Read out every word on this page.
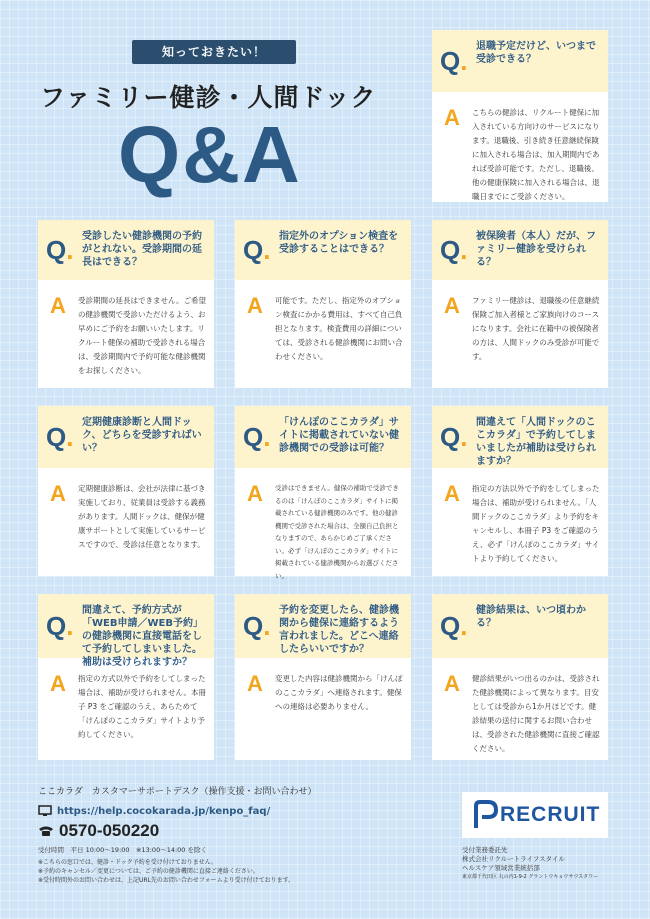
知っておきたい！
ファミリー健診・人間ドック
Q&A
Q .	退職予定だけど、いつまで受診できる？
A こちらの健診は、リクルート健保に加入されている方向けのサービスになります。退職後、引き続き任意継続保険に加入される場合は、加入期間内であれば受診可能です。ただし、退職後、他の健康保険に加入される場合は、退職日までにご受診ください。
Q .	受診したい健診機関の予約がとれない。受診期間の延長はできる？
A 受診期間の延長はできません。ご希望の健診機関で受診いただけるよう、お早めにご予約をお願いいたします。リクルート健保の補助で受診される場合は、受診期間内で予約可能な健診機関をお探しください。
Q .	指定外のオプション検査を受診することはできる？
A 可能です。ただし、指定外のオプション検査にかかる費用は、すべて自己負担となります。検査費用の詳細については、受診される健診機関にお問い合わせください。
Q .	被保険者（本人）だが、ファミリー健診を受けられる？
A ファミリー健診は、退職後の任意継続保険ご加入者様とご家族向けのコースになります。会社に在籍中の被保険者の方は、人間ドックのみ受診が可能です。
Q .	定期健康診断と人間ドック、どちらを受診すればいい？
A 定期健康診断は、会社が法律に基づき実施しており、従業員は受診する義務があります。人間ドックは、健保が健康サポートとして実施しているサービスですので、受診は任意となります。
Q .	「けんぽのここカラダ」サイトに掲載されていない健診機関での受診は可能？
A 受診はできません。健保の補助で受診できるのは「けんぽのここカラダ」サイトに掲載されている健診機関のみです。他の健診機関で受診された場合は、全額自己負担となりますので、あらかじめご了承ください。必ず「けんぽのここカラダ」サイトに掲載されている健診機関からお選びください。
Q .	間違えて「人間ドックのここカラダ」で予約してしまいましたが補助は受けられますか？
A 指定の方法以外で予約をしてしまった場合は、補助が受けられません。「人間ドックのここカラダ」より予約をキャンセルし、本冊子 P3 をご確認のうえ、必ず「けんぽのここカラダ」サイトより予約してください。
Q .
間違えて、予約方式が「WEB申請／WEB予約」の健診機関に直接電話をして予約してしまいました。補助は受けられますか？
A 指定の方式以外で予約をしてしまった場合は、補助が受けられません。本冊子 P3 をご確認のうえ、あらためて「けんぽのここカラダ」サイトより予約してください。
Q .
予約を変更したら、健診機関から健保に連絡するよう言われました。どこへ連絡したらいいですか？
A 変更した内容は健診機関から「けんぽのここカラダ」へ連絡されます。健保への連絡は必要ありません。
Q .
健診結果は、いつ頃わかる？
A 健診結果がいつ出るのかは、受診された健診機関によって異なります。目安としては受診から1か月ほどです。健診結果の送付に関するお問い合わせは、受診された健診機関に直接ご確認ください。
ここカラダ　カスタマーサポートデスク（操作支援・お問い合わせ）
https://help.cocokarada.jp/kenpo_faq/
0570-050220
受付時間　平日 10:00～19:00　※13:00～14:00 を除く
※こちらの窓口では、健診・ドック予約を受け付けておりません。
※予約のキャンセル／変更については、ご予約の健診機関に直接ご連絡ください。
※受付時間外のお問い合わせは、上記URL先のお問い合わせフォームより受け付けております。
RECRUIT
受付業務委託先
株式会社リクルートライフスタイル
ヘルスケア領域営業統括部
東京都千代田区 丸の内1-9-2 グラントウキョウサウスタワー
